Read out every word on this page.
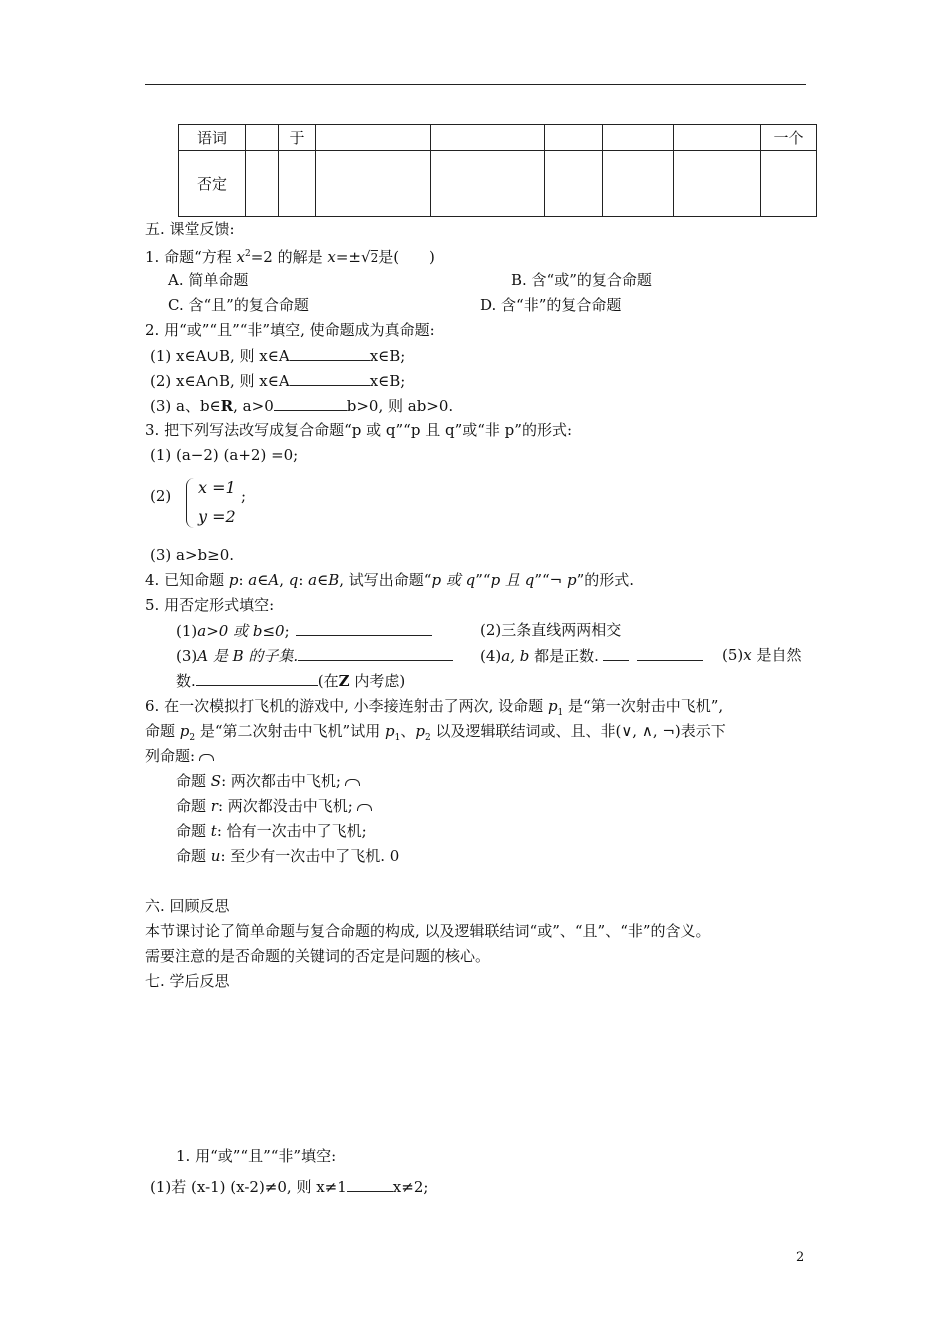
语词		于						一个
否定								
五. 课堂反馈:
1. 命题“方程 $x^2=2$ 的解是 x=±√2是(　　)
A. 简单命题	B. 含“或”的复合命题
C. 含“且”的复合命题	D. 含“非”的复合命题
2. 用“或”“且”“非”填空, 使命题成为真命题:
(1) x∈A∪B, 则 x∈A	x∈B;
(2) x∈A∩B, 则 x∈A	x∈B;
(3) a、b∈R, a>0	b>0, 则 ab>0.
3. 把下列写法改写成复合命题“p 或 q”“p 且 q”或“非 p”的形式:
(1) (a−2) (a+2) =0;
(2) x =1
y =2
;
(3) a>b≥0.
4. 已知命题 p: a∈A, q: a∈B, 试写出命题“p 或 q”“p 且 q”“¬ p”的形式.
5. 用否定形式填空:
(1)a>0 或 b≤0;	(2)三条直线两两相交
(3)A 是 B 的子集.	(4)a, b 都是正数.	(5)x 是自然
数.	(在Z 内考虑)
6. 在一次模拟打飞机的游戏中, 小李接连射击了两次, 设命题 $p_1$ 是“第一次射击中飞机”,
命题 $p_2$ 是“第二次射击中飞机”试用 $p_1$、$p_2$ 以及逻辑联结词或、且、非(∨, ∧, ¬)表示下
列命题:
命题 S: 两次都击中飞机;
命题 r: 两次都没击中飞机;
命题 t: 恰有一次击中了飞机;
命题 u: 至少有一次击中了飞机. 0
六. 回顾反思
本节课讨论了简单命题与复合命题的构成, 以及逻辑联结词“或”、“且”、“非”的含义。
需要注意的是否命题的关键词的否定是问题的核心。
七. 学后反思
1. 用“或”“且”“非”填空:
(1)若 (x-1) (x-2)≠0, 则 x≠1	x≠2;
2
